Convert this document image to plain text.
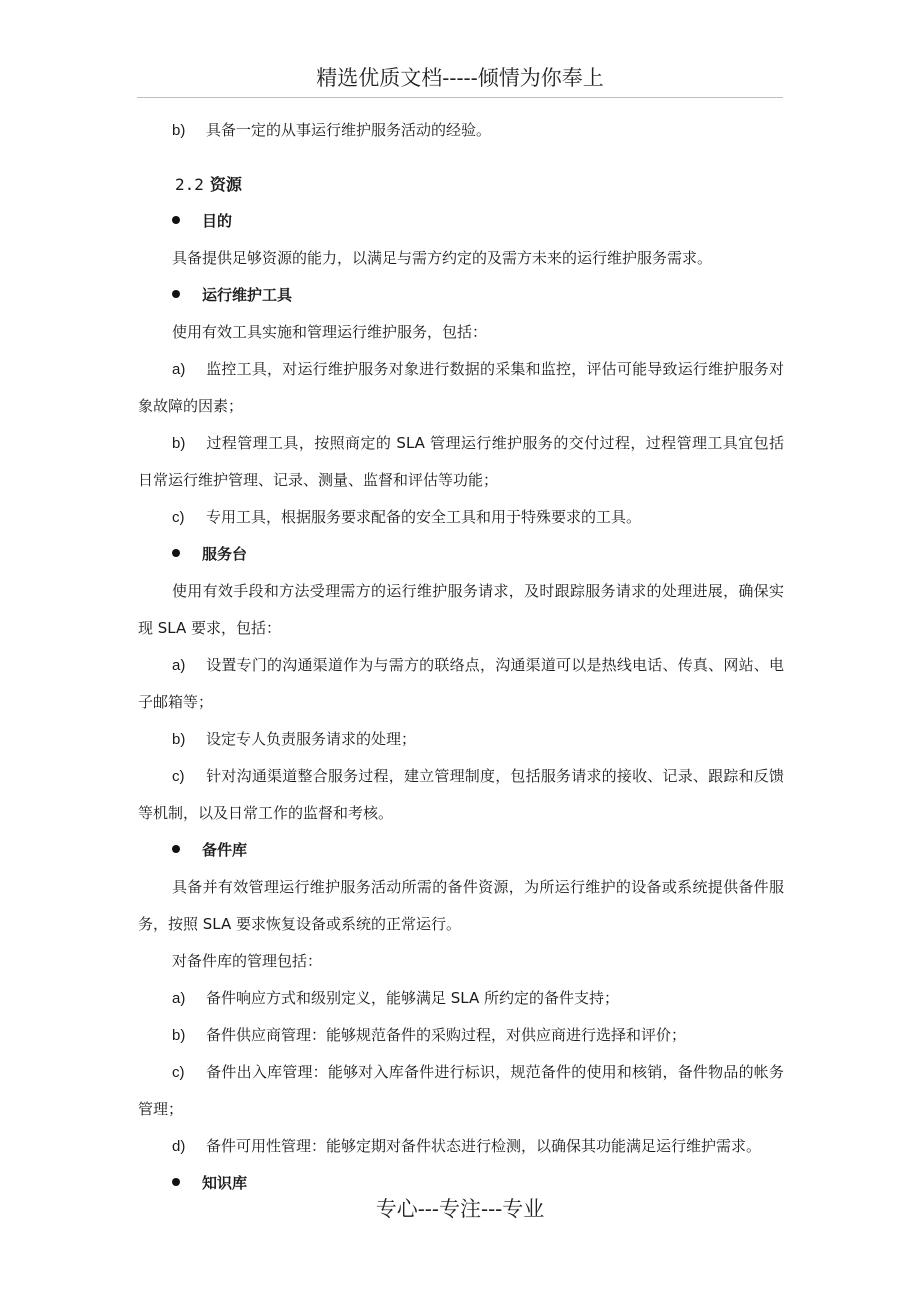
精选优质文档-----倾情为你奉上
b) 具备一定的从事运行维护服务活动的经验。
2.2 资源
目的
具备提供足够资源的能力，以满足与需方约定的及需方未来的运行维护服务需求。
运行维护工具
使用有效工具实施和管理运行维护服务，包括：
a) 监控工具，对运行维护服务对象进行数据的采集和监控，评估可能导致运行维护服务对象故障的因素；
b) 过程管理工具，按照商定的 SLA 管理运行维护服务的交付过程，过程管理工具宜包括日常运行维护管理、记录、测量、监督和评估等功能；
c) 专用工具，根据服务要求配备的安全工具和用于特殊要求的工具。
服务台
使用有效手段和方法受理需方的运行维护服务请求，及时跟踪服务请求的处理进展，确保实现 SLA 要求，包括：
a) 设置专门的沟通渠道作为与需方的联络点，沟通渠道可以是热线电话、传真、网站、电子邮箱等；
b) 设定专人负责服务请求的处理；
c) 针对沟通渠道整合服务过程，建立管理制度，包括服务请求的接收、记录、跟踪和反馈等机制，以及日常工作的监督和考核。
备件库
具备并有效管理运行维护服务活动所需的备件资源，为所运行维护的设备或系统提供备件服务，按照 SLA 要求恢复设备或系统的正常运行。
对备件库的管理包括：
a) 备件响应方式和级别定义，能够满足 SLA 所约定的备件支持；
b) 备件供应商管理：能够规范备件的采购过程，对供应商进行选择和评价；
c) 备件出入库管理：能够对入库备件进行标识，规范备件的使用和核销，备件物品的帐务管理；
d) 备件可用性管理：能够定期对备件状态进行检测，以确保其功能满足运行维护需求。
知识库
专心---专注---专业
